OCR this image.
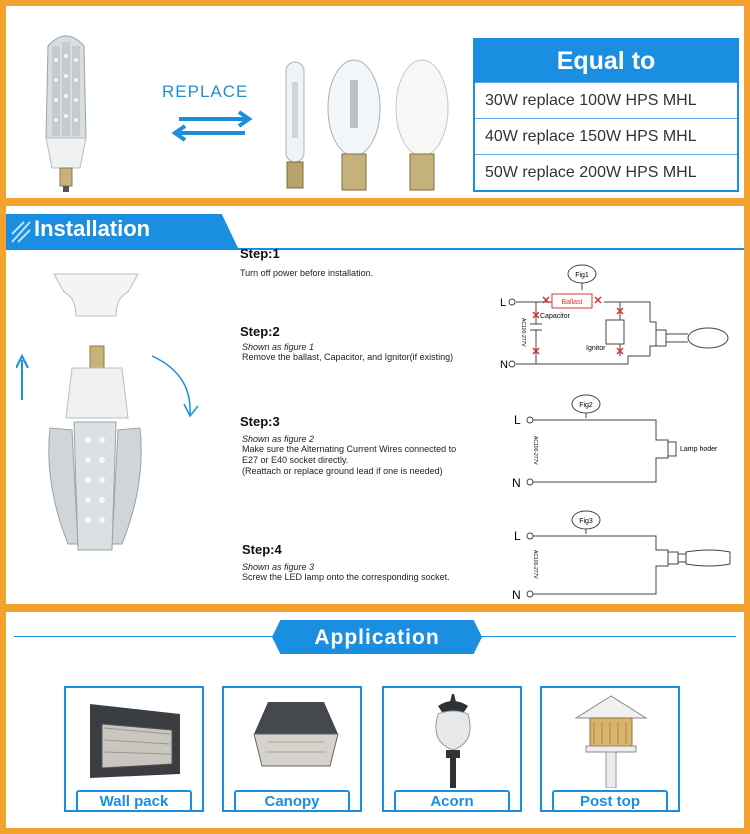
REPLACE
Equal to
30W replace 100W HPS MHL
40W replace 150W HPS MHL
50W replace 200W HPS MHL
Installation
Step:1
Turn off power before installation.
Step:2
Shown as figure 1
Remove the ballast, Capacitor, and Ignitor(if existing)
Step:3
Shown as figure 2
Make sure the Alternating Current Wires connected to
E27 or E40 socket directly.
(Reattach or replace ground lead if one is needed)
Step:4
Shown as figure 3
Screw the LED lamp onto the corresponding socket.
Fig1
Ballast
Capacitor
Ignitor
L
N
AC100-277V
Fig2
Lamp hoder
L
N
AC100-277V
Fig3
L
N
AC100-277V
Application
Wall pack	Canopy	Acorn	Post top
